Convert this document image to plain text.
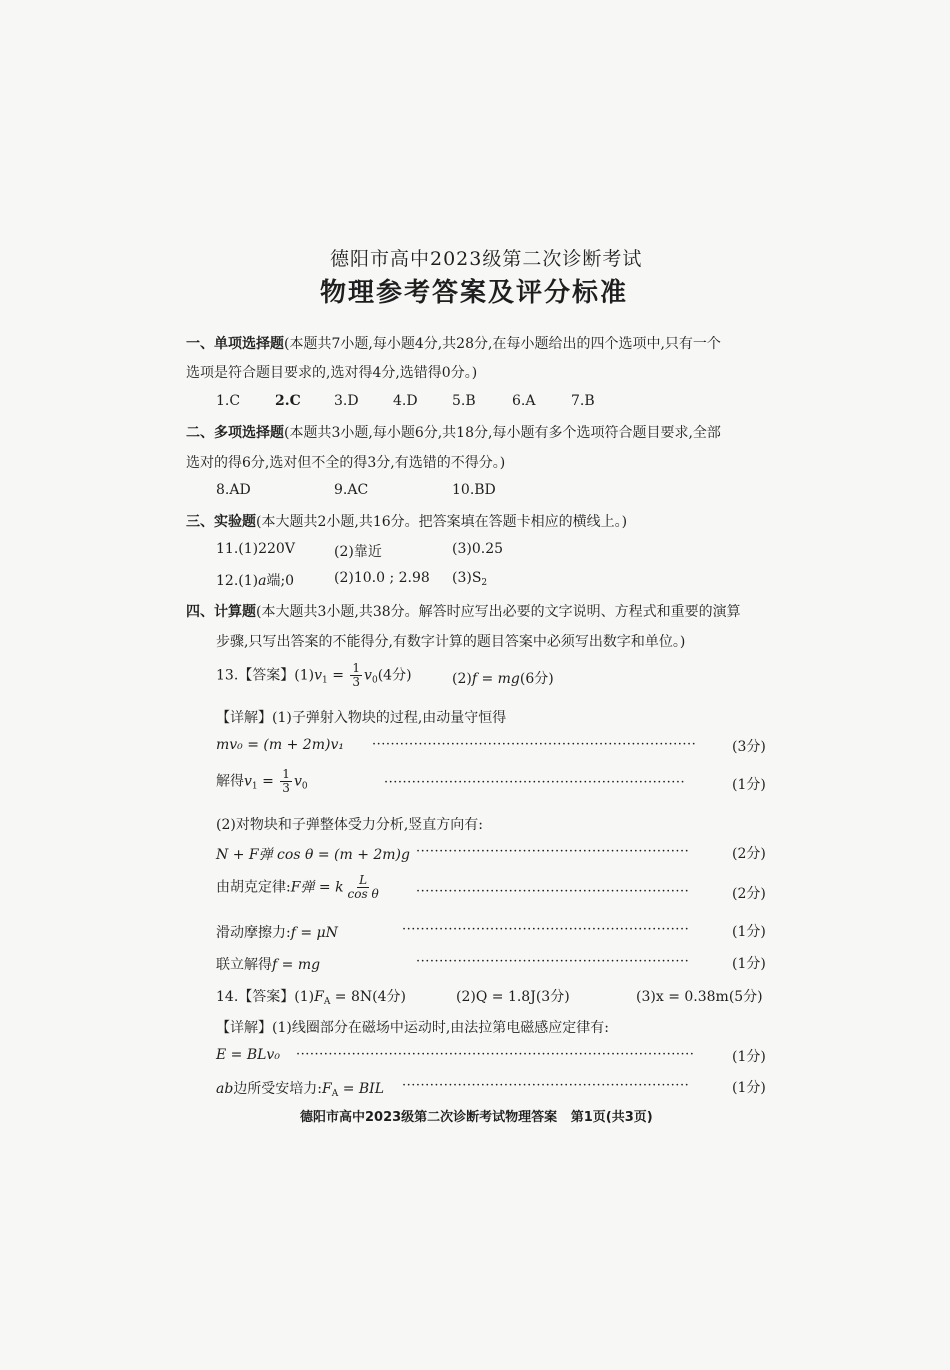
德阳市高中2023级第二次诊断考试
物理参考答案及评分标准
一、单项选择题(本题共7小题,每小题4分,共28分,在每小题给出的四个选项中,只有一个
选项是符合题目要求的,选对得4分,选错得0分。)
1.C 2.C 3.D 4.D 5.B	6.A	7.B
二、多项选择题(本题共3小题,每小题6分,共18分,每小题有多个选项符合题目要求,全部
选对的得6分,选对但不全的得3分,有选错的不得分。)
8.AD	9.AC	10.BD
三、实验题(本大题共2小题,共16分。把答案填在答题卡相应的横线上。)
11.(1)220V	(2)靠近	(3)0.25
12.(1)a端;0	(2)10.0 ; 2.98 $(3)S_2$
四、计算题(本大题共3小题,共38分。解答时应写出必要的文字说明、方程式和重要的演算
步骤,只写出答案的不能得分,有数字计算的题目答案中必须写出数字和单位。)
13.【答案】$(1)v_1 = \frac{1}{3} v_0(4$分)	(2)f = mg(6分)
【详解】(1)子弹射入物块的过程,由动量守恒得
mv₀ = (m + 2m)v₁ ······································································	(3分)
解得$v_1 = \frac{1}{3} v_0$	·································································	(1分)
(2)对物块和子弹整体受力分析,竖直方向有:
N + F弹 cos θ = (m + 2m)g ···························································	(2分)
由胡克定律:F弹 = k $\frac{L}{\text{cos θ}}$	···························································	(2分)
滑动摩擦力:f = μN	······························································	(1分)
联立解得f = mg	···························································	(1分)
14.【答案】$(1)F_A = 8N(4$分)	(2)Q = 1.8J(3分)	(3)x = 0.38m(5分)
【详解】(1)线圈部分在磁场中运动时,由法拉第电磁感应定律有:
E = BLv₀ ······················································································	(1分)
ab边所受安培力$:F_A$ = BIL ······························································	(1分)
德阳市高中2023级第二次诊断考试物理答案 第1页(共3页)
